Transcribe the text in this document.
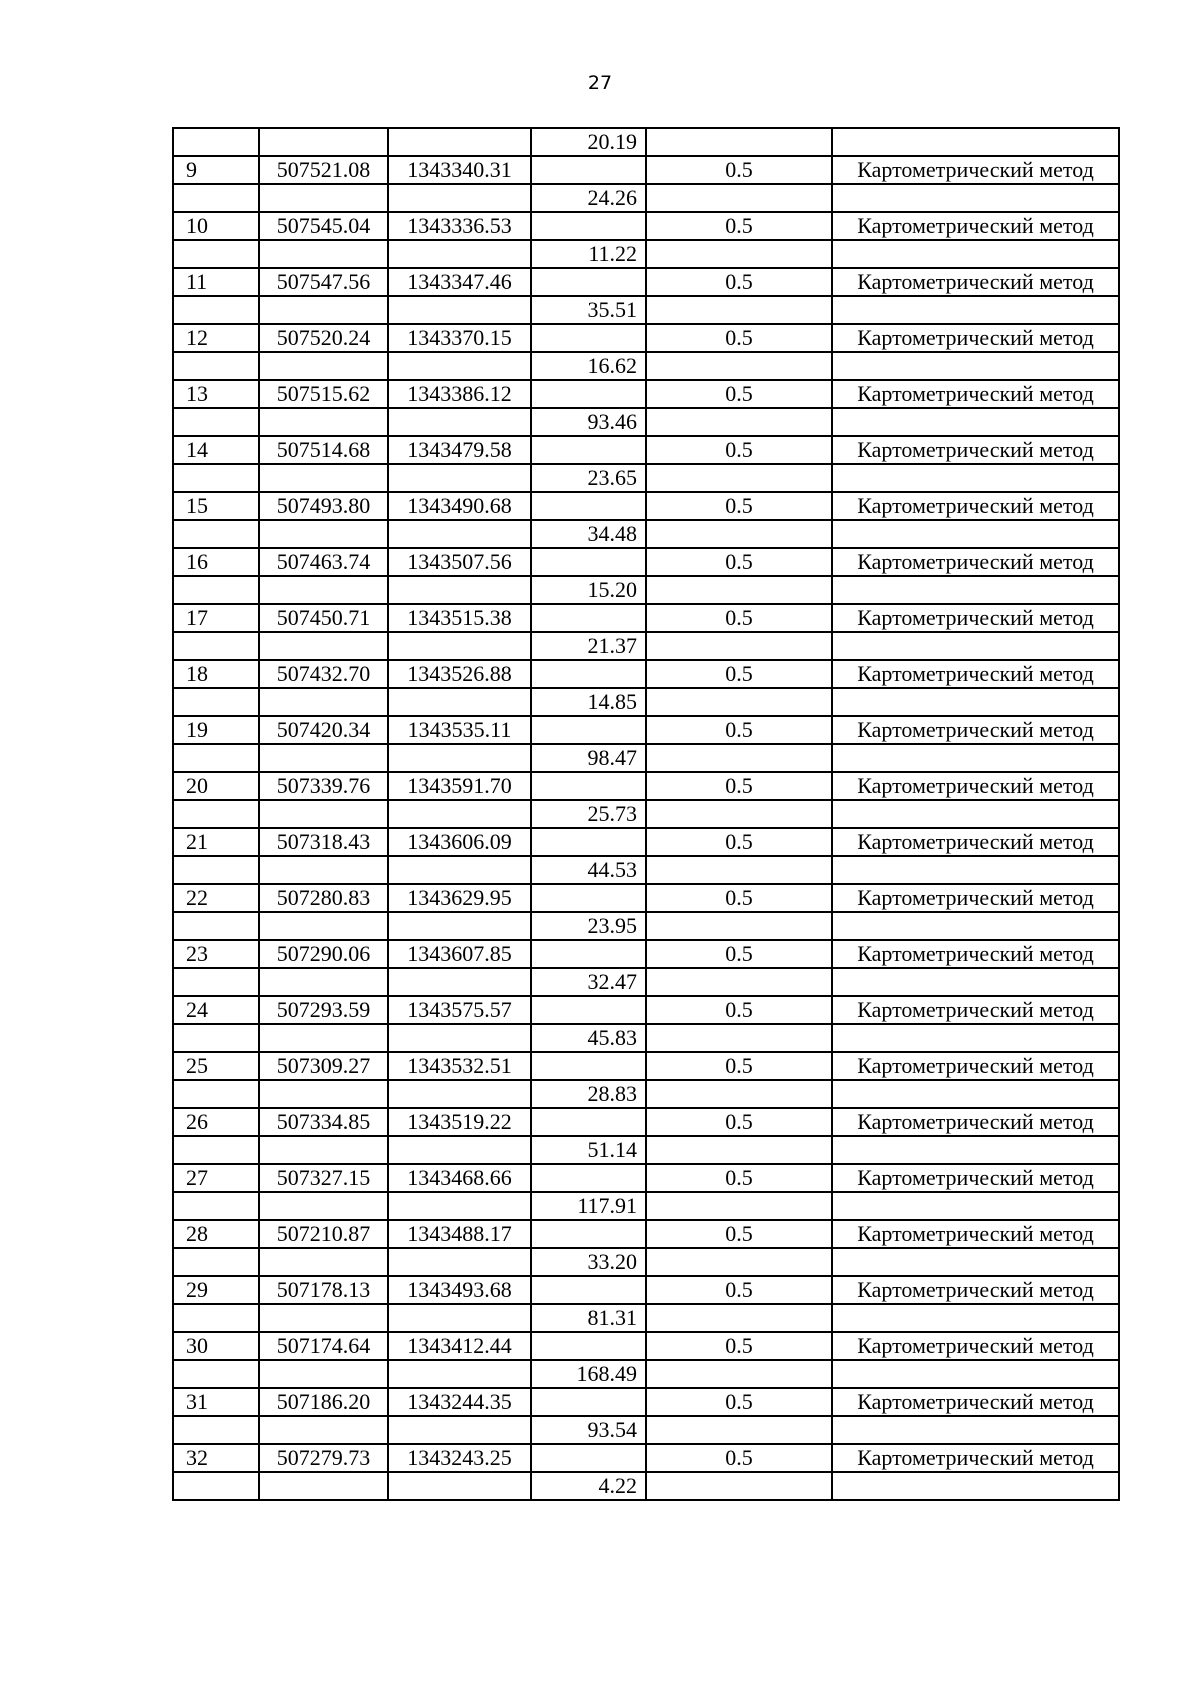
27
			20.19		
9	507521.08	1343340.31		0.5	Картометрический метод
			24.26		
10	507545.04	1343336.53		0.5	Картометрический метод
			11.22		
11	507547.56	1343347.46		0.5	Картометрический метод
			35.51		
12	507520.24	1343370.15		0.5	Картометрический метод
			16.62		
13	507515.62	1343386.12		0.5	Картометрический метод
			93.46		
14	507514.68	1343479.58		0.5	Картометрический метод
			23.65		
15	507493.80	1343490.68		0.5	Картометрический метод
			34.48		
16	507463.74	1343507.56		0.5	Картометрический метод
			15.20		
17	507450.71	1343515.38		0.5	Картометрический метод
			21.37		
18	507432.70	1343526.88		0.5	Картометрический метод
			14.85		
19	507420.34	1343535.11		0.5	Картометрический метод
			98.47		
20	507339.76	1343591.70		0.5	Картометрический метод
			25.73		
21	507318.43	1343606.09		0.5	Картометрический метод
			44.53		
22	507280.83	1343629.95		0.5	Картометрический метод
			23.95		
23	507290.06	1343607.85		0.5	Картометрический метод
			32.47		
24	507293.59	1343575.57		0.5	Картометрический метод
			45.83		
25	507309.27	1343532.51		0.5	Картометрический метод
			28.83		
26	507334.85	1343519.22		0.5	Картометрический метод
			51.14		
27	507327.15	1343468.66		0.5	Картометрический метод
			117.91		
28	507210.87	1343488.17		0.5	Картометрический метод
			33.20		
29	507178.13	1343493.68		0.5	Картометрический метод
			81.31		
30	507174.64	1343412.44		0.5	Картометрический метод
			168.49		
31	507186.20	1343244.35		0.5	Картометрический метод
			93.54		
32	507279.73	1343243.25		0.5	Картометрический метод
			4.22		
